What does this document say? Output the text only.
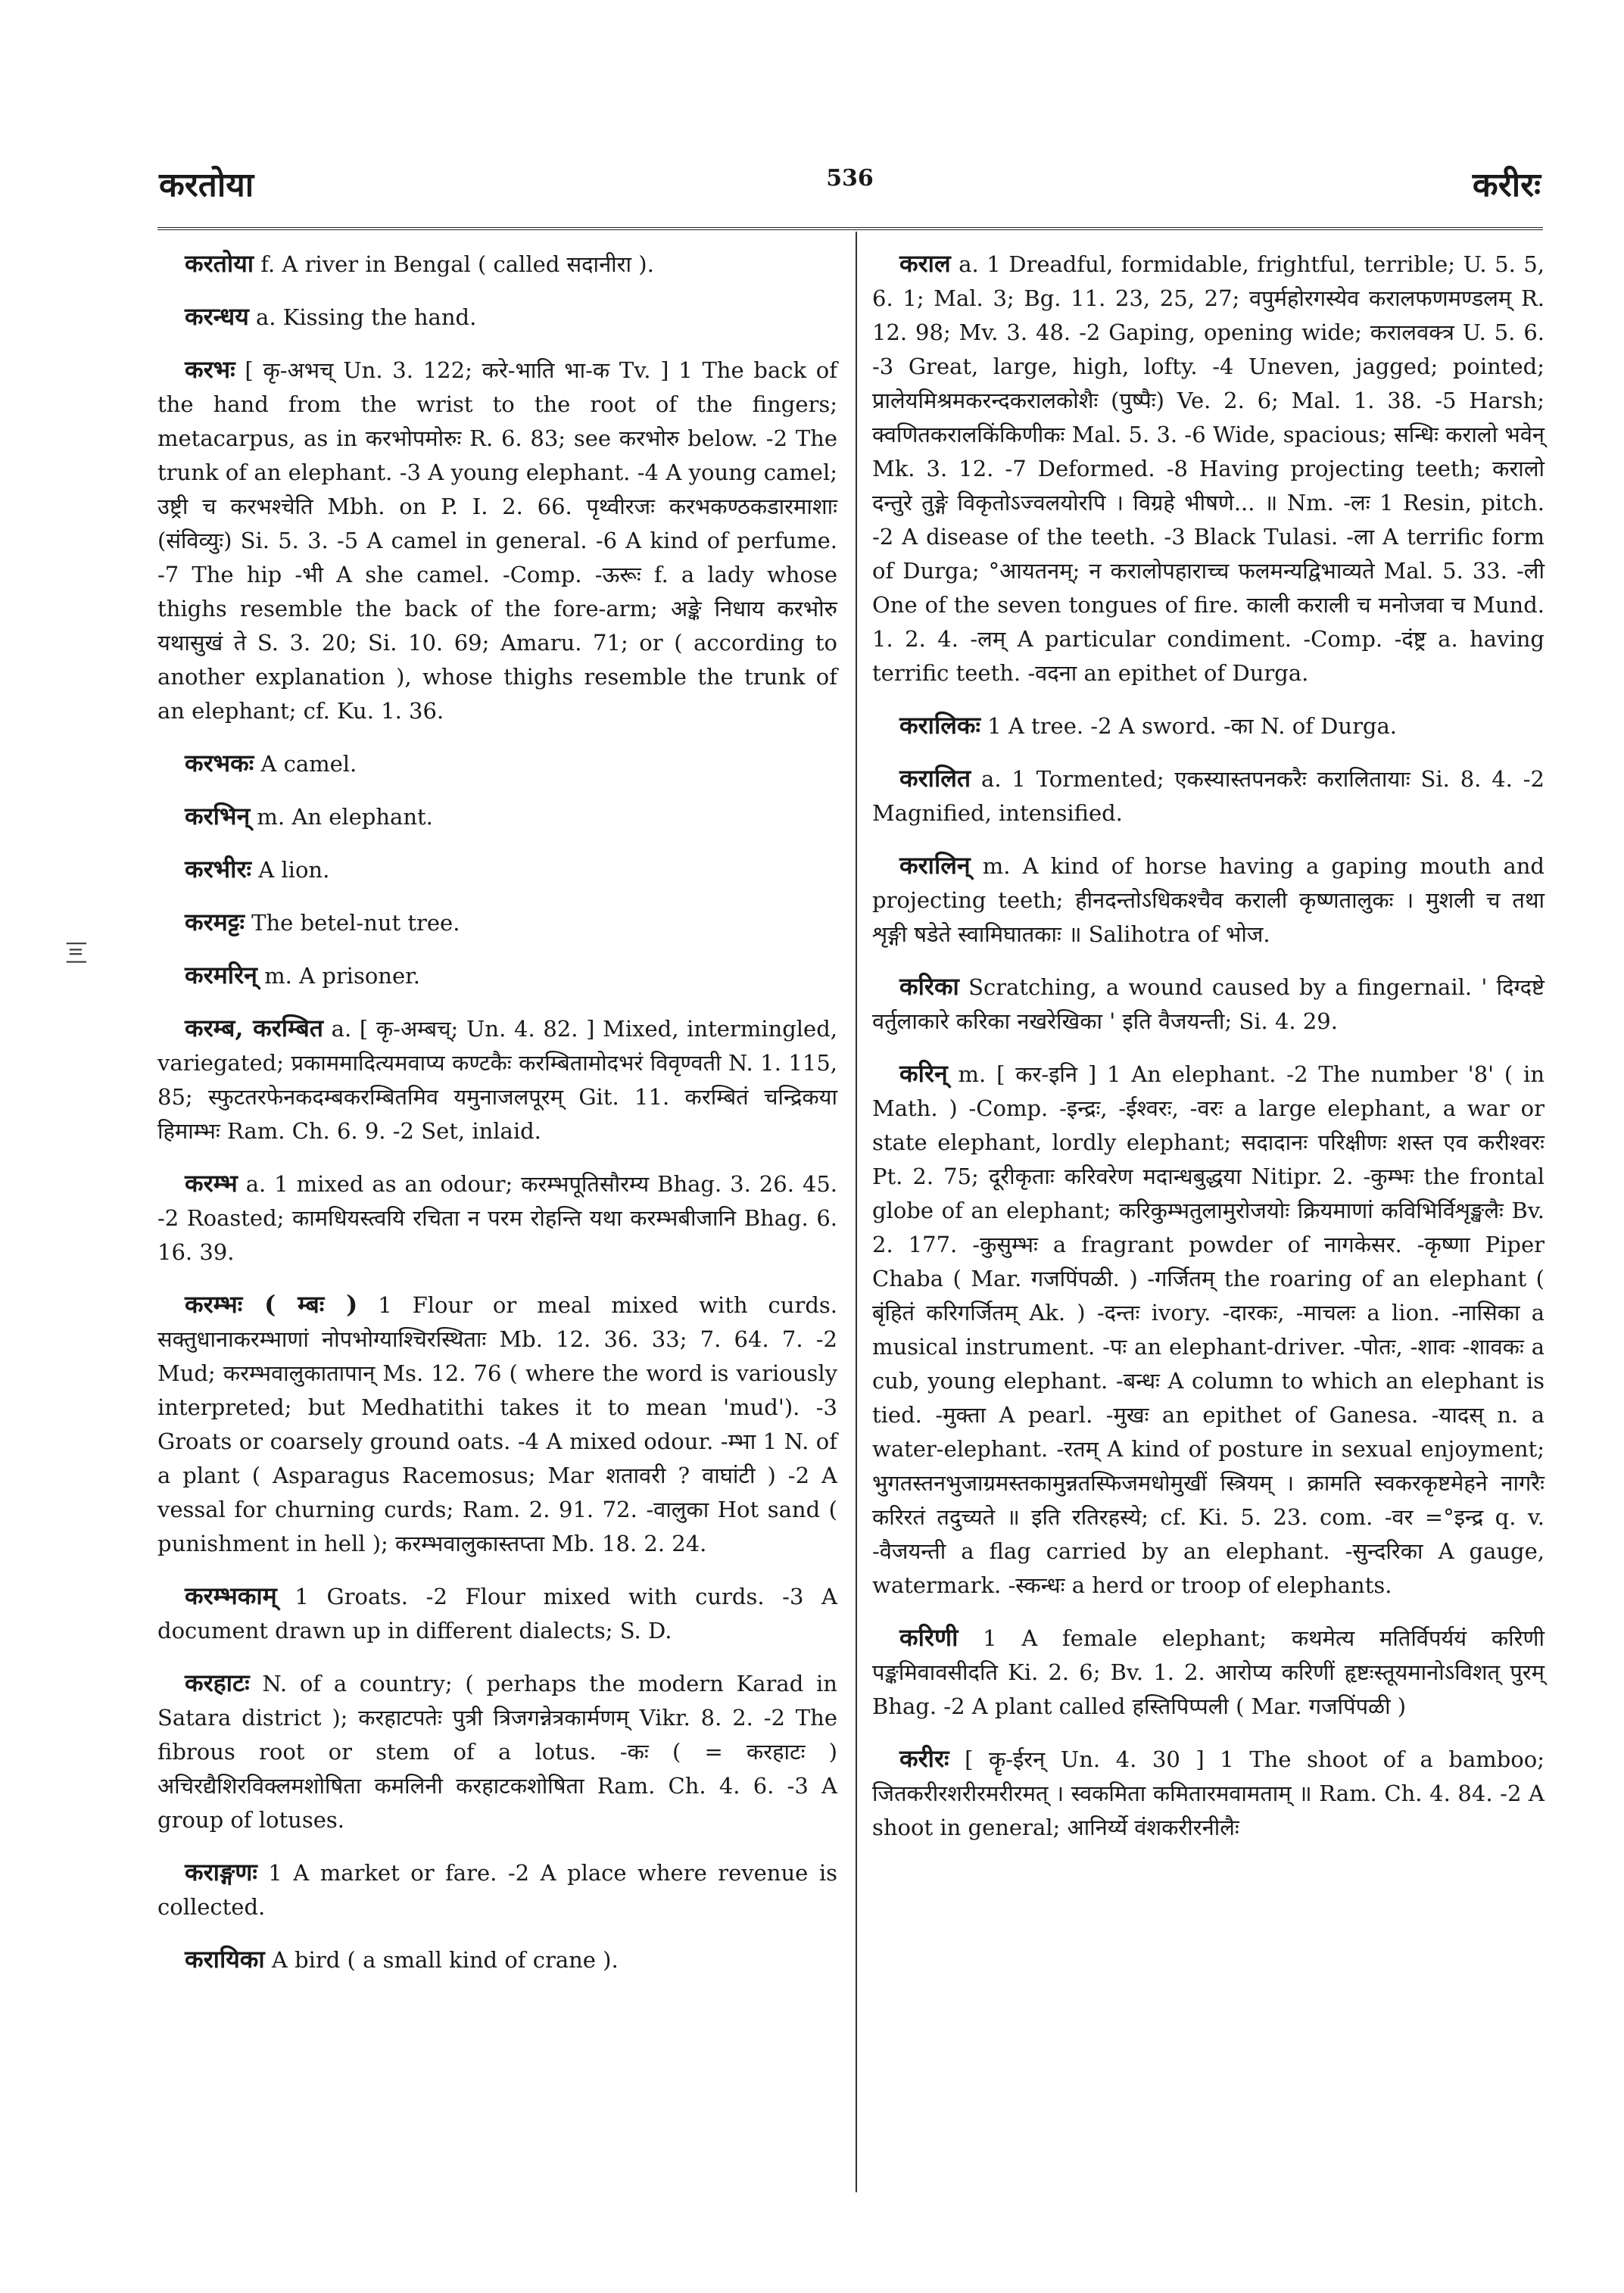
करतोया	536	करीरः
|॥|

करतोया f. A river in Bengal ( called सदानीरा ).

करन्धय a. Kissing the hand.

करभः [ कृ-अभच् Un. 3. 122; करे-भाति भा-क Tv. ] 1 The back of the hand from the wrist to the root of the fingers; metacarpus, as in करभोपमोरुः R. 6. 83; see करभोरु below. -2 The trunk of an elephant. -3 A young elephant. -4 A young camel; उष्ट्री च करभश्चेति Mbh. on P. I. 2. 66. पृथ्वीरजः करभकण्ठकडारमाशाः (संविव्युः) Si. 5. 3. -5 A camel in general. -6 A kind of perfume. -7 The hip -भी A she camel. -Comp. -ऊरूः f. a lady whose thighs resemble the back of the fore-arm; अङ्के निधाय करभोरु यथासुखं ते S. 3. 20; Si. 10. 69; Amaru. 71; or ( according to another explanation ), whose thighs resemble the trunk of an elephant; cf. Ku. 1. 36.

करभकः A camel.

करभिन् m. An elephant.

करभीरः A lion.

करमट्टः The betel-nut tree.

करमरिन् m. A prisoner.

करम्ब, करम्बित a. [ कृ-अम्बच्; Un. 4. 82. ] Mixed, intermingled, variegated; प्रकाममादित्यमवाप्य कण्टकैः करम्बितामोदभरं विवृण्वती N. 1. 115, 85; स्फुटतरफेनकदम्बकरम्बितमिव यमुनाजलपूरम् Git. 11. करम्बितं चन्द्रिकया हिमाम्भः Ram. Ch. 6. 9. -2 Set, inlaid.

करम्भ a. 1 mixed as an odour; करम्भपूतिसौरम्य Bhag. 3. 26. 45. -2 Roasted; कामधियस्त्वयि रचिता न परम रोहन्ति यथा करम्भबीजानि Bhag. 6. 16. 39.

करम्भः ( म्बः ) 1 Flour or meal mixed with curds. सक्तुधानाकरम्भाणां नोपभोग्याश्चिरस्थिताः Mb. 12. 36. 33; 7. 64. 7. -2 Mud; करम्भवालुकातापान् Ms. 12. 76 ( where the word is variously interpreted; but Medhatithi takes it to mean 'mud'). -3 Groats or coarsely ground oats. -4 A mixed odour. -म्भा 1 N. of a plant ( Asparagus Racemosus; Mar शतावरी ? वाघांटी ) -2 A vessal for churning curds; Ram. 2. 91. 72. -वालुका Hot sand ( punishment in hell ); करम्भवालुकास्तप्ता Mb. 18. 2. 24.

करम्भकाम् 1 Groats. -2 Flour mixed with curds. -3 A document drawn up in different dialects; S. D.

करहाटः N. of a country; ( perhaps the modern Karad in Satara district ); करहाटपतेः पुत्री त्रिजगन्नेत्रकार्मणम् Vikr. 8. 2. -2 The fibrous root or stem of a lotus. -कः ( = करहाटः ) अचिरद्यैशिरविक्लमशोषिता कमलिनी करहाटकशोषिता Ram. Ch. 4. 6. -3 A group of lotuses.

कराङ्गणः 1 A market or fare. -2 A place where revenue is collected.

करायिका A bird ( a small kind of crane ).

कराल a. 1 Dreadful, formidable, frightful, terrible; U. 5. 5, 6. 1; Mal. 3; Bg. 11. 23, 25, 27; वपुर्महोरगस्येव करालफणमण्डलम् R. 12. 98; Mv. 3. 48. -2 Gaping, opening wide; करालवक्त्र U. 5. 6. -3 Great, large, high, lofty. -4 Uneven, jagged; pointed; प्रालेयमिश्रमकरन्दकरालकोशैः (पुष्पैः) Ve. 2. 6; Mal. 1. 38. -5 Harsh; क्वणितकरालकिंकिणीकः Mal. 5. 3. -6 Wide, spacious; सन्धिः करालो भवेन् Mk. 3. 12. -7 Deformed. -8 Having projecting teeth; करालो दन्तुरे तुङ्गे विकृतोऽज्वलयोरपि । विग्रहे भीषणे... ॥ Nm. -लः 1 Resin, pitch. -2 A disease of the teeth. -3 Black Tulasi. -ला A terrific form of Durga; °आयतनम्; न करालोपहाराच्च फलमन्यद्विभाव्यते Mal. 5. 33. -ली One of the seven tongues of fire. काली कराली च मनोजवा च Mund. 1. 2. 4. -लम् A particular condiment. -Comp. -दंष्ट्र a. having terrific teeth. -वदना an epithet of Durga.

करालिकः 1 A tree. -2 A sword. -का N. of Durga.

करालित a. 1 Tormented; एकस्यास्तपनकरैः करालितायाः Si. 8. 4. -2 Magnified, intensified.

करालिन् m. A kind of horse having a gaping mouth and projecting teeth; हीनदन्तोऽधिकश्चैव कराली कृष्णतालुकः । मुशली च तथा शृङ्गी षडेते स्वामिघातकाः ॥ Salihotra of भोज.

करिका Scratching, a wound caused by a fingernail. ' दिग्दष्टे वर्तुलाकारे करिका नखरेखिका ' इति वैजयन्ती; Si. 4. 29.

करिन् m. [ कर-इनि ] 1 An elephant. -2 The number '8' ( in Math. ) -Comp. -इन्द्रः, -ईश्वरः, -वरः a large elephant, a war or state elephant, lordly elephant; सदादानः परिक्षीणः शस्त एव करीश्वरः Pt. 2. 75; दूरीकृताः करिवरेण मदान्धबुद्धया Nitipr. 2. -कुम्भः the frontal globe of an elephant; करिकुम्भतुलामुरोजयोः क्रियमाणां कविभिर्विशृङ्खलैः Bv. 2. 177. -कुसुम्भः a fragrant powder of नागकेसर. -कृष्णा Piper Chaba ( Mar. गजपिंपळी. ) -गर्जितम् the roaring of an elephant ( बृंहितं करिगर्जितम् Ak. ) -दन्तः ivory. -दारकः, -माचलः a lion. -नासिका a musical instrument. -पः an elephant-driver. -पोतः, -शावः -शावकः a cub, young elephant. -बन्धः A column to which an elephant is tied. -मुक्ता A pearl. -मुखः an epithet of Ganesa. -यादस् n. a water-elephant. -रतम् A kind of posture in sexual enjoyment; भुगतस्तनभुजाग्रमस्तकामुन्नतस्फिजमधोमुखीं स्त्रियम् । क्रामति स्वकरकृष्टमेहने नागरैः करिरतं तदुच्यते ॥ इति रतिरहस्ये; cf. Ki. 5. 23. com. -वर =°इन्द्र q. v. -वैजयन्ती a flag carried by an elephant. -सुन्दरिका A gauge, watermark. -स्कन्धः a herd or troop of elephants.

करिणी 1 A female elephant; कथमेत्य मतिर्विपर्ययं करिणी पङ्कमिवावसीदति Ki. 2. 6; Bv. 1. 2. आरोप्य करिणीं हृष्टःस्तूयमानोऽविशत् पुरम् Bhag. -2 A plant called हस्तिपिप्पली ( Mar. गजपिंपळी )

करीरः [ कॄ-ईरन् Un. 4. 30 ] 1 The shoot of a bamboo; जितकरीरशरीरमरीरमत् । स्वकमिता कमितारमवामताम् ॥ Ram. Ch. 4. 84. -2 A shoot in general; आनिर्य्ये वंशकरीरनीलैः
